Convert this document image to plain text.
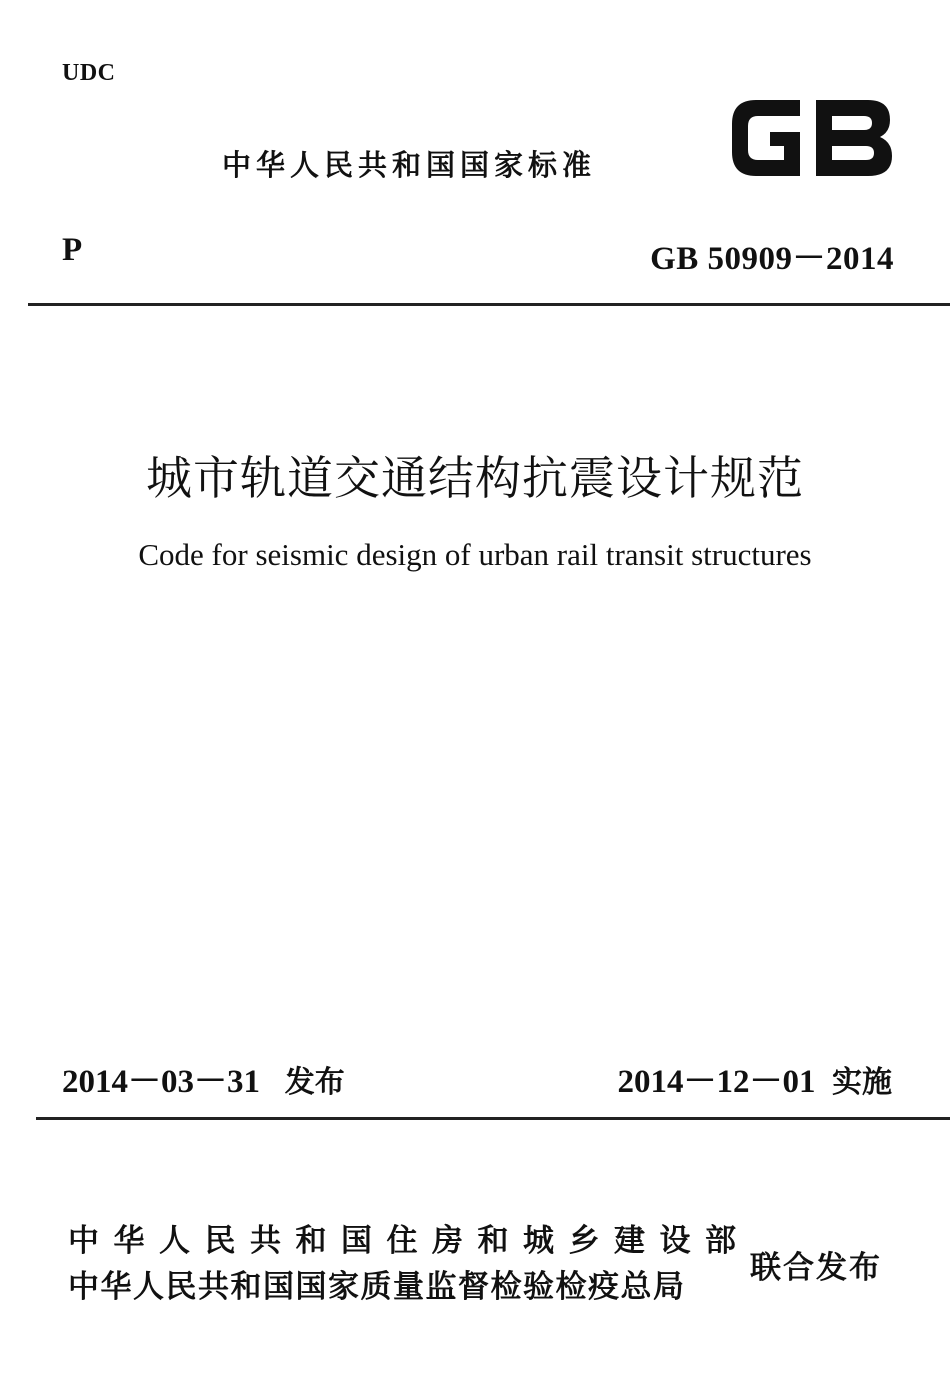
UDC
中华人民共和国国家标准
P	GB 50909－2014
城市轨道交通结构抗震设计规范
Code for seismic design of urban rail transit structures
2014－03－31 发布	2014－12－01 实施
中华人民共和国住房和城乡建设部
中华人民共和国国家质量监督检验检疫总局
联合发布
